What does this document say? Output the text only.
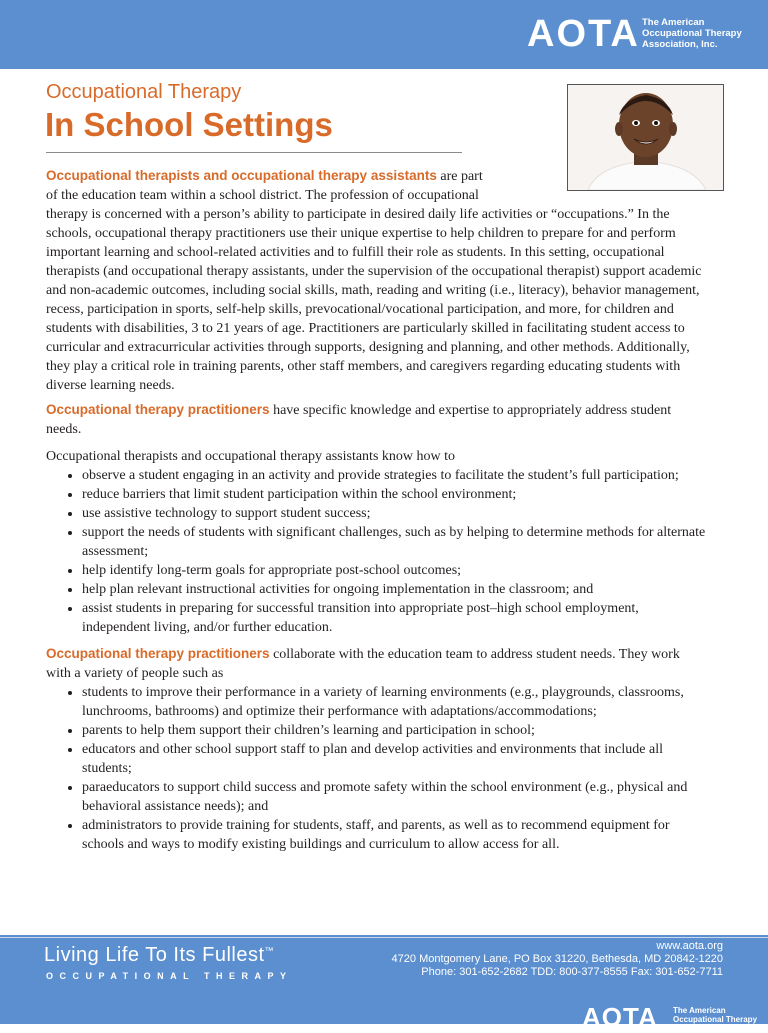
AOTA The American
Occupational Therapy
Association, Inc.
Occupational Therapy
In School Settings

Occupational therapists and occupational therapy assistants are part
of the education team within a school district. The profession of occupational
therapy is concerned with a person’s ability to participate in desired daily life activities or “occupations.” In the schools, occupational therapy practitioners use their unique expertise to help children to prepare for and perform important learning and school-related activities and to fulfill their role as students. In this setting, occupational therapists (and occupational therapy assistants, under the supervision of the occupational therapist) support academic and non-academic outcomes, including social skills, math, reading and writing (i.e., literacy), behavior management, recess, participation in sports, self-help skills, prevocational/vocational participation, and more, for children and students with disabilities, 3 to 21 years of age. Practitioners are particularly skilled in facilitating student access to curricular and extracurricular activities through supports, designing and planning, and other methods. Additionally, they play a critical role in training parents, other staff members, and caregivers regarding educating students with diverse learning needs.

Occupational therapy practitioners have specific knowledge and expertise to appropriately address student needs.

Occupational therapists and occupational therapy assistants know how to

• observe a student engaging in an activity and provide strategies to facilitate the student’s full participation;
• reduce barriers that limit student participation within the school environment;
• use assistive technology to support student success;
• support the needs of students with significant challenges, such as by helping to determine methods for alternate assessment;
• help identify long-term goals for appropriate post-school outcomes;
• help plan relevant instructional activities for ongoing implementation in the classroom; and
• assist students in preparing for successful transition into appropriate post–high school employment, independent living, and/or further education.

Occupational therapy practitioners collaborate with the education team to address student needs. They work with a variety of people such as

• students to improve their performance in a variety of learning environments (e.g., playgrounds, classrooms, lunchrooms, bathrooms) and optimize their performance with adaptations/accommodations;
• parents to help them support their children’s learning and participation in school;
• educators and other school support staff to plan and develop activities and environments that include all students;
• paraeducators to support child success and promote safety within the school environment (e.g., physical and behavioral assistance needs); and
• administrators to provide training for students, staff, and parents, as well as to recommend equipment for schools and ways to modify existing buildings and curriculum to allow access for all.
Living Life To Its Fullest™
OCCUPATIONAL THERAPY
www.aota.org
4720 Montgomery Lane, PO Box 31220, Bethesda, MD 20842-1220
Phone: 301-652-2682 TDD: 800-377-8555 Fax: 301-652-7711
AOTA The American
Occupational Therapy
